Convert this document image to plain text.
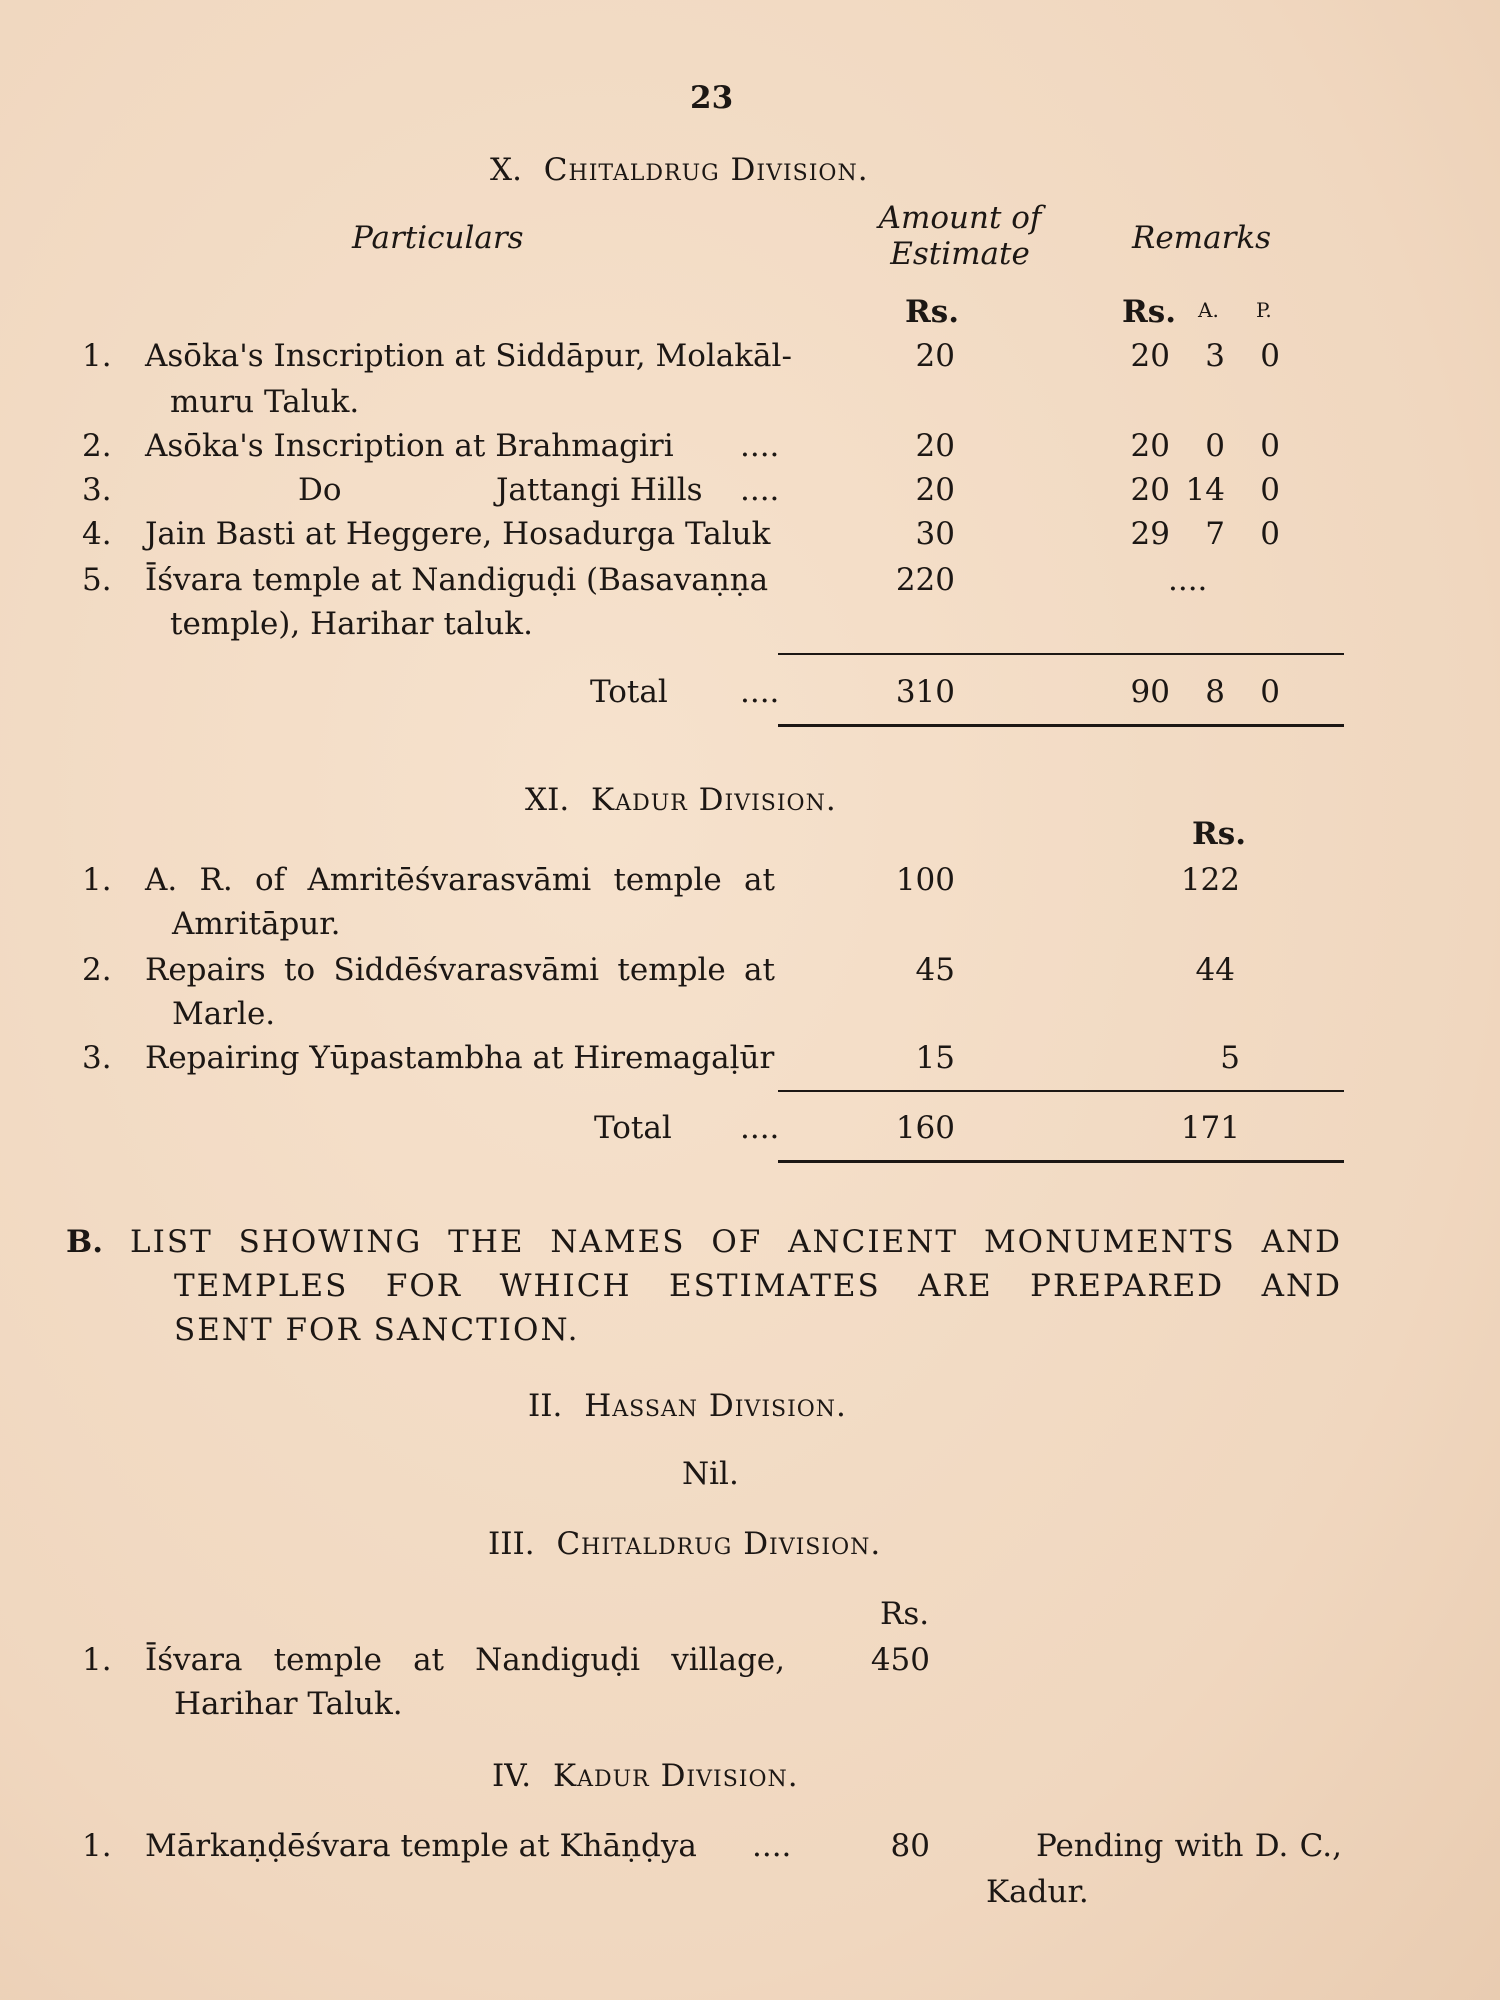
23
X. Chitaldrug Division.
Particulars
Amount of
Estimate	Remarks
Rs.	Rs. A. P.
1. Asōka's Inscription at Siddāpur, Molakāl-
muru Taluk.
20	20	3	0
2. Asōka's Inscription at Brahmagiri ....	20	20	0	0
3.	Do	Jattangi Hills ....	20	20 14	0
4. Jain Basti at Heggere, Hosadurga Taluk	30	29	7	0
5. Īśvara temple at Nandiguḍi (Basavaṇṇa
temple), Harihar taluk.
220	....
Total ....	310	90	8	0
XI. Kadur Division.
Rs.
1. A. R. of Amritēśvarasvāmi temple at
Amritāpur.
100	122
2. Repairs to Siddēśvarasvāmi temple at
Marle.
45	44
3. Repairing Yūpastambha at Hiremagaḷūr	15	5
Total ....	160	171
B. LIST SHOWING THE NAMES OF ANCIENT MONUMENTS AND
TEMPLES FOR WHICH ESTIMATES ARE PREPARED AND
SENT FOR SANCTION.
II. Hassan Division.
Nil.
III. Chitaldrug Division.
Rs.
1. Īśvara temple at Nandiguḍi village,
Harihar Taluk.
450
IV. Kadur Division.
1. Mārkaṇḍēśvara temple at Khāṇḍya ....	80	Pending with D. C.,
Kadur.
